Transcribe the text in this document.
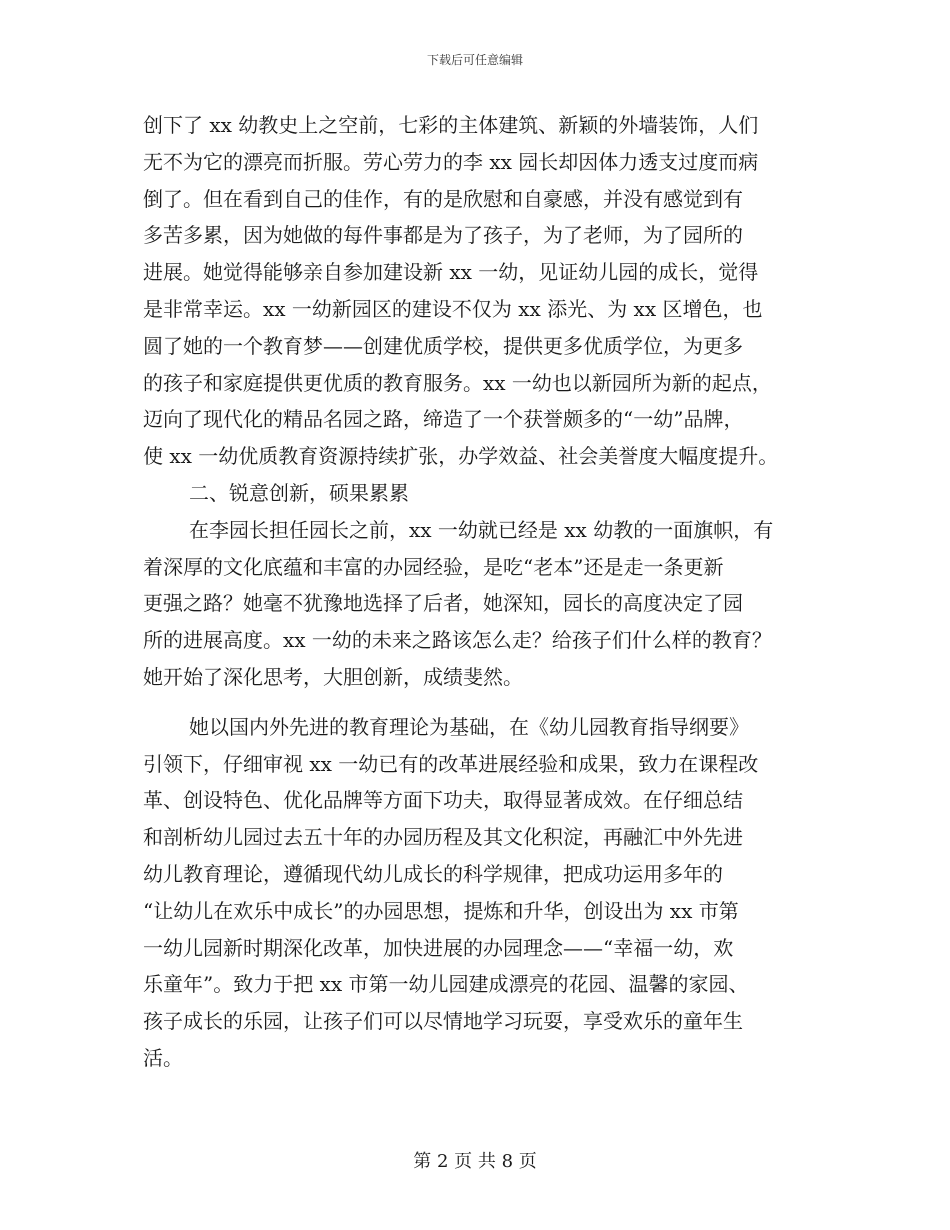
下载后可任意编辑
创下了 xx 幼教史上之空前，七彩的主体建筑、新颖的外墙装饰，人们
无不为它的漂亮而折服。劳心劳力的李 xx 园长却因体力透支过度而病
倒了。但在看到自己的佳作，有的是欣慰和自豪感，并没有感觉到有
多苦多累，因为她做的每件事都是为了孩子，为了老师，为了园所的
进展。她觉得能够亲自参加建设新 xx 一幼，见证幼儿园的成长，觉得
是非常幸运。xx 一幼新园区的建设不仅为 xx 添光、为 xx 区增色，也
圆了她的一个教育梦——创建优质学校，提供更多优质学位，为更多
的孩子和家庭提供更优质的教育服务。xx 一幼也以新园所为新的起点，
迈向了现代化的精品名园之路，缔造了一个获誉颇多的“一幼”品牌，
使 xx 一幼优质教育资源持续扩张，办学效益、社会美誉度大幅度提升。
二、锐意创新，硕果累累
在李园长担任园长之前，xx 一幼就已经是 xx 幼教的一面旗帜，有
着深厚的文化底蕴和丰富的办园经验，是吃“老本”还是走一条更新
更强之路？她毫不犹豫地选择了后者，她深知，园长的高度决定了园
所的进展高度。xx 一幼的未来之路该怎么走？给孩子们什么样的教育？
她开始了深化思考，大胆创新，成绩斐然。
她以国内外先进的教育理论为基础，在《幼儿园教育指导纲要》
引领下，仔细审视 xx 一幼已有的改革进展经验和成果，致力在课程改
革、创设特色、优化品牌等方面下功夫，取得显著成效。在仔细总结
和剖析幼儿园过去五十年的办园历程及其文化积淀，再融汇中外先进
幼儿教育理论，遵循现代幼儿成长的科学规律，把成功运用多年的
“让幼儿在欢乐中成长”的办园思想，提炼和升华，创设出为 xx 市第
一幼儿园新时期深化改革，加快进展的办园理念——“幸福一幼，欢
乐童年”。致力于把 xx 市第一幼儿园建成漂亮的花园、温馨的家园、
孩子成长的乐园，让孩子们可以尽情地学习玩耍，享受欢乐的童年生
活。
第 2 页 共 8 页
